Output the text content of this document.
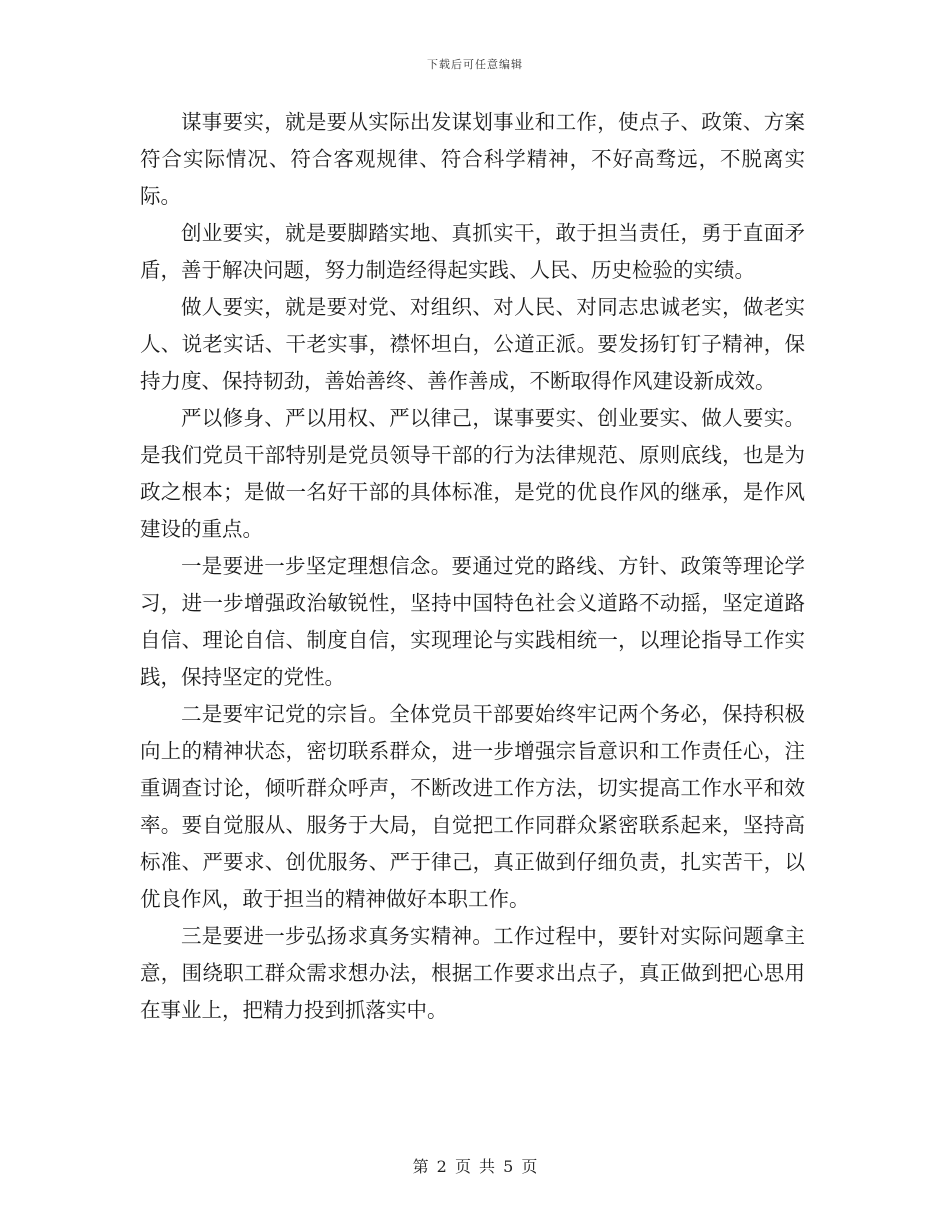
下载后可任意编辑

谋事要实，就是要从实际出发谋划事业和工作，使点子、政策、方案符合实际情况、符合客观规律、符合科学精神，不好高骛远，不脱离实际。

创业要实，就是要脚踏实地、真抓实干，敢于担当责任，勇于直面矛盾，善于解决问题，努力制造经得起实践、人民、历史检验的实绩。

做人要实，就是要对党、对组织、对人民、对同志忠诚老实，做老实人、说老实话、干老实事，襟怀坦白，公道正派。要发扬钉钉子精神，保持力度、保持韧劲，善始善终、善作善成，不断取得作风建设新成效。

严以修身、严以用权、严以律己，谋事要实、创业要实、做人要实。是我们党员干部特别是党员领导干部的行为法律规范、原则底线，也是为政之根本；是做一名好干部的具体标准，是党的优良作风的继承，是作风建设的重点。

一是要进一步坚定理想信念。要通过党的路线、方针、政策等理论学习，进一步增强政治敏锐性，坚持中国特色社会义道路不动摇，坚定道路自信、理论自信、制度自信，实现理论与实践相统一，以理论指导工作实践，保持坚定的党性。

二是要牢记党的宗旨。全体党员干部要始终牢记两个务必，保持积极向上的精神状态，密切联系群众，进一步增强宗旨意识和工作责任心，注重调查讨论，倾听群众呼声，不断改进工作方法，切实提高工作水平和效率。要自觉服从、服务于大局，自觉把工作同群众紧密联系起来，坚持高标准、严要求、创优服务、严于律己，真正做到仔细负责，扎实苦干，以优良作风，敢于担当的精神做好本职工作。

三是要进一步弘扬求真务实精神。工作过程中，要针对实际问题拿主意，围绕职工群众需求想办法，根据工作要求出点子，真正做到把心思用在事业上，把精力投到抓落实中。

第 2 页 共 5 页
